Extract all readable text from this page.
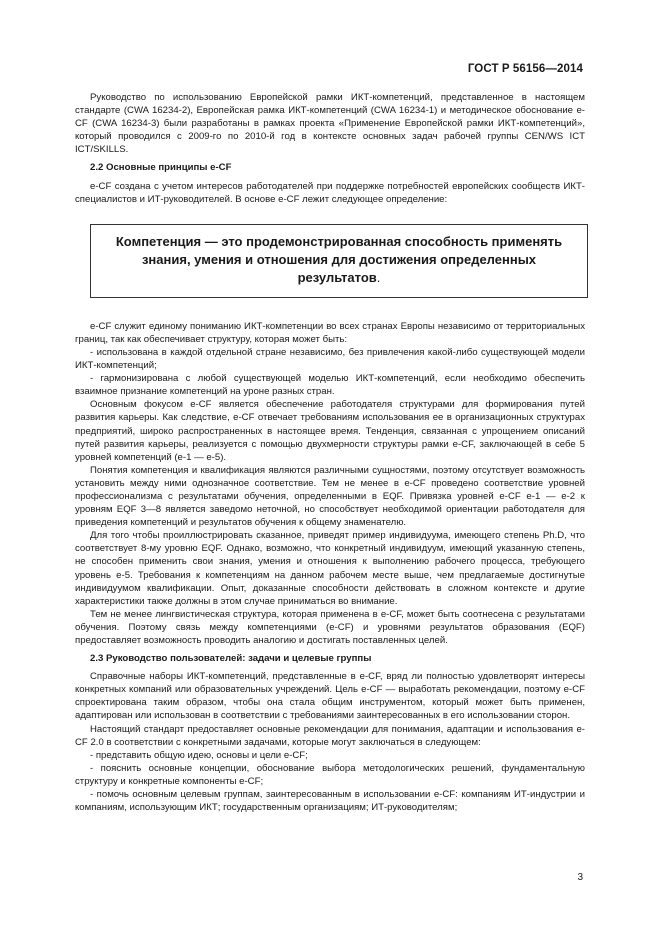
ГОСТ Р 56156—2014

Руководство по использованию Европейской рамки ИКТ-компетенций, представленное в настоящем стандарте (CWA 16234-2), Европейская рамка ИКТ-компетенций (CWA 16234-1) и методическое обоснование e-CF (CWA 16234-3) были разработаны в рамках проекта «Применение Европейской рамки ИКТ-компетенций», который проводился с 2009-го по 2010-й год в контексте основных задач рабочей группы CEN/WS ICT ICT/SKILLS.

2.2 Основные принципы e-CF

e-CF создана с учетом интересов работодателей при поддержке потребностей европейских сообществ ИКТ-специалистов и ИТ-руководителей. В основе e-CF лежит следующее определение:

Компетенция — это продемонстрированная способность применять знания, умения и отношения для достижения определенных результатов.

e-CF служит единому пониманию ИКТ-компетенции во всех странах Европы независимо от территориальных границ, так как обеспечивает структуру, которая может быть:

- использована в каждой отдельной стране независимо, без привлечения какой-либо существующей модели ИКТ-компетенций;

- гармонизирована с любой существующей моделью ИКТ-компетенций, если необходимо обеспечить взаимное признание компетенций на уроне разных стран.

Основным фокусом e-CF является обеспечение работодателя структурами для формирования путей развития карьеры. Как следствие, e-CF отвечает требованиям использования ее в организационных структурах предприятий, широко распространенных в настоящее время. Тенденция, связанная с упрощением описаний путей развития карьеры, реализуется с помощью двухмерности структуры рамки e-CF, заключающей в себе 5 уровней компетенций (е-1 — е-5).

Понятия компетенция и квалификация являются различными сущностями, поэтому отсутствует возможность установить между ними однозначное соответствие. Тем не менее в e-CF проведено соответствие уровней профессионализма с результатами обучения, определенными в EQF. Привязка уровней e-CF е-1 — е-2 к уровням EQF 3—8 является заведомо неточной, но способствует необходимой ориентации работодателя для приведения компетенций и результатов обучения к общему знаменателю.

Для того чтобы проиллюстрировать сказанное, приведят пример индивидуума, имеющего степень Ph.D, что соответствует 8-му уровню EQF. Однако, возможно, что конкретный индивидуум, имеющий указанную степень, не способен применить свои знания, умения и отношения к выполнению рабочего процесса, требующего уровень е-5. Требования к компетенциям на данном рабочем месте выше, чем предлагаемые достигнутые индивидуумом квалификации. Опыт, доказанные способности действовать в сложном контексте и другие характеристики также должны в этом случае приниматься во внимание.

Тем не менее лингвистическая структура, которая применена в e-CF, может быть соотнесена с результатами обучения. Поэтому связь между компетенциями (e-CF) и уровнями результатов образования (EQF) предоставляет возможность проводить аналогию и достигать поставленных целей.

2.3 Руководство пользователей: задачи и целевые группы

Справочные наборы ИКТ-компетенций, представленные в e-CF, вряд ли полностью удовлетворят интересы конкретных компаний или образовательных учреждений. Цель e-CF — выработать рекомендации, поэтому e-CF спроектирована таким образом, чтобы она стала общим инструментом, который может быть применен, адаптирован или использован в соответствии с требованиями заинтересованных в его использовании сторон.

Настоящий стандарт предоставляет основные рекомендации для понимания, адаптации и использования e-CF 2.0 в соответствии с конкретными задачами, которые могут заключаться в следующем:

- представить общую идею, основы и цели e-CF;

- пояснить основные концепции, обоснование выбора методологических решений, фундаментальную структуру и конкретные компоненты e-CF;

- помочь основным целевым группам, заинтересованным в использовании e-CF: компаниям ИТ-индустрии и компаниям, использующим ИКТ; государственным организациям; ИТ-руководителям;

3
